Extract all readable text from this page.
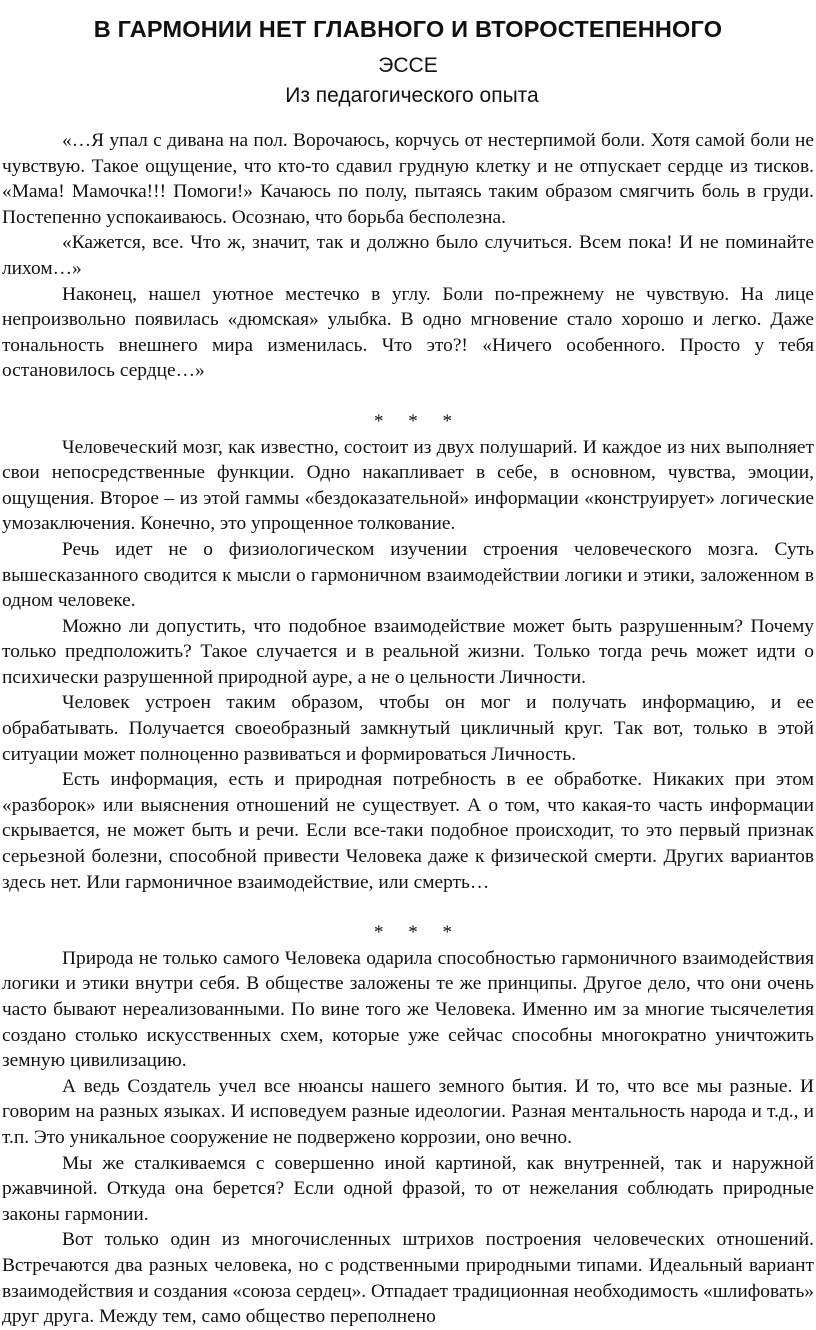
В ГАРМОНИИ НЕТ ГЛАВНОГО И ВТОРОСТЕПЕННОГО
ЭССЕ
Из педагогического опыта

«…Я упал с дивана на пол. Ворочаюсь, корчусь от нестерпимой боли. Хотя самой боли не чувствую. Такое ощущение, что кто-то сдавил грудную клетку и не отпускает сердце из тисков. «Мама! Мамочка!!! Помоги!» Качаюсь по полу, пытаясь таким образом смягчить боль в груди. Постепенно успокаиваюсь. Осознаю, что борьба бесполезна.

«Кажется, все. Что ж, значит, так и должно было случиться. Всем пока! И не поминайте лихом…»

Наконец, нашел уютное местечко в углу. Боли по-прежнему не чувствую. На лице непроизвольно появилась «дюмская» улыбка. В одно мгновение стало хорошо и легко. Даже тональность внешнего мира изменилась. Что это?! «Ничего особенного. Просто у тебя остановилось сердце…»

* * *

Человеческий мозг, как известно, состоит из двух полушарий. И каждое из них выполняет свои непосредственные функции. Одно накапливает в себе, в основном, чувства, эмоции, ощущения. Второе – из этой гаммы «бездоказательной» информации «конструирует» логические умозаключения. Конечно, это упрощенное толкование.

Речь идет не о физиологическом изучении строения человеческого мозга. Суть вышесказанного сводится к мысли о гармоничном взаимодействии логики и этики, заложенном в одном человеке.

Можно ли допустить, что подобное взаимодействие может быть разрушенным? Почему только предположить? Такое случается и в реальной жизни. Только тогда речь может идти о психически разрушенной природной ауре, а не о цельности Личности.

Человек устроен таким образом, чтобы он мог и получать информацию, и ее обрабатывать. Получается своеобразный замкнутый цикличный круг. Так вот, только в этой ситуации может полноценно развиваться и формироваться Личность.

Есть информация, есть и природная потребность в ее обработке. Никаких при этом «разборок» или выяснения отношений не существует. А о том, что какая-то часть информации скрывается, не может быть и речи. Если все-таки подобное происходит, то это первый признак серьезной болезни, способной привести Человека даже к физической смерти. Других вариантов здесь нет. Или гармоничное взаимодействие, или смерть…

* * *

Природа не только самого Человека одарила способностью гармоничного взаимодействия логики и этики внутри себя. В обществе заложены те же принципы. Другое дело, что они очень часто бывают нереализованными. По вине того же Человека. Именно им за многие тысячелетия создано столько искусственных схем, которые уже сейчас способны многократно уничтожить земную цивилизацию.

А ведь Создатель учел все нюансы нашего земного бытия. И то, что все мы разные. И говорим на разных языках. И исповедуем разные идеологии. Разная ментальность народа и т.д., и т.п. Это уникальное сооружение не подвержено коррозии, оно вечно.

Мы же сталкиваемся с совершенно иной картиной, как внутренней, так и наружной ржавчиной. Откуда она берется? Если одной фразой, то от нежелания соблюдать природные законы гармонии.

Вот только один из многочисленных штрихов построения человеческих отношений. Встречаются два разных человека, но с родственными природными типами. Идеальный вариант взаимодействия и создания «союза сердец». Отпадает традиционная необходимость «шлифовать» друг друга. Между тем, само общество переполнено
